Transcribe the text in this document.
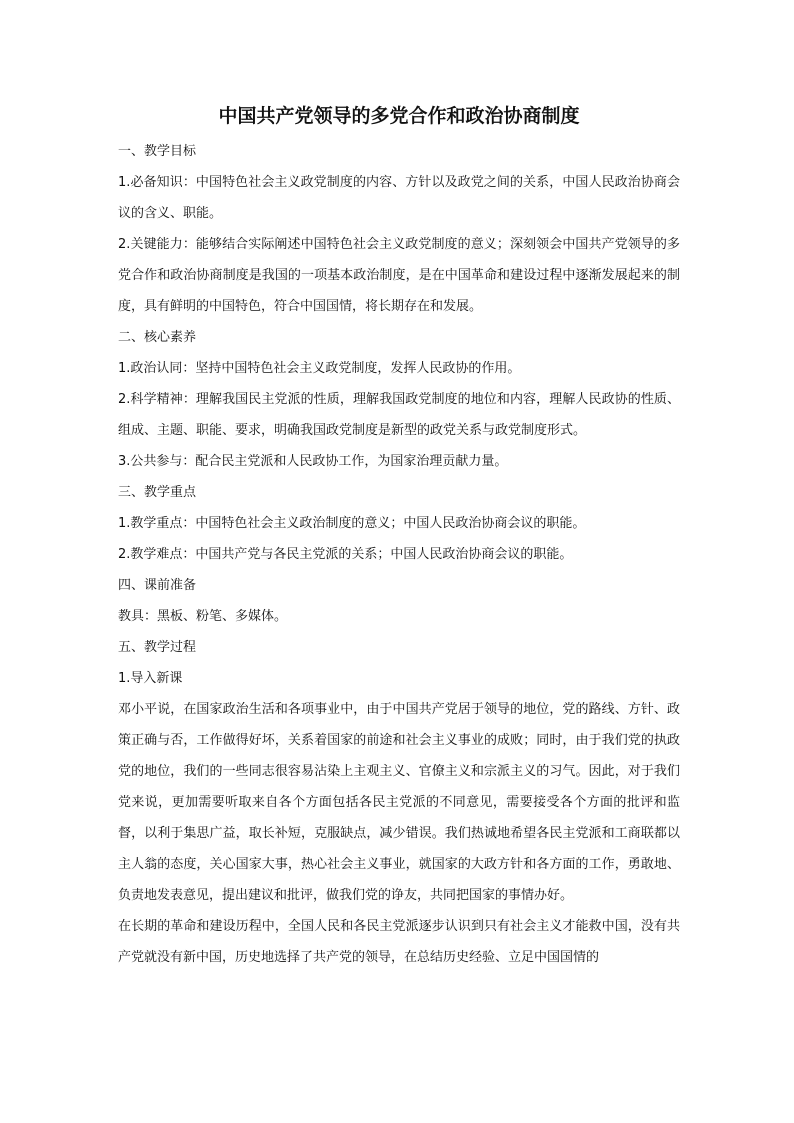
中国共产党领导的多党合作和政治协商制度

一、教学目标

1.必备知识：中国特色社会主义政党制度的内容、方针以及政党之间的关系，中国人民政治协商会议的含义、职能。

2.关键能力：能够结合实际阐述中国特色社会主义政党制度的意义；深刻领会中国共产党领导的多党合作和政治协商制度是我国的一项基本政治制度，是在中国革命和建设过程中逐渐发展起来的制度，具有鲜明的中国特色，符合中国国情，将长期存在和发展。

二、核心素养

1.政治认同：坚持中国特色社会主义政党制度，发挥人民政协的作用。

2.科学精神：理解我国民主党派的性质，理解我国政党制度的地位和内容，理解人民政协的性质、组成、主题、职能、要求，明确我国政党制度是新型的政党关系与政党制度形式。

3.公共参与：配合民主党派和人民政协工作，为国家治理贡献力量。

三、教学重点

1.教学重点：中国特色社会主义政治制度的意义；中国人民政治协商会议的职能。

2.教学难点：中国共产党与各民主党派的关系；中国人民政治协商会议的职能。

四、课前准备

教具：黑板、粉笔、多媒体。

五、教学过程

1.导入新课

邓小平说，在国家政治生活和各项事业中，由于中国共产党居于领导的地位，党的路线、方针、政策正确与否，工作做得好坏，关系着国家的前途和社会主义事业的成败；同时，由于我们党的执政党的地位，我们的一些同志很容易沾染上主观主义、官僚主义和宗派主义的习气。因此，对于我们党来说，更加需要听取来自各个方面包括各民主党派的不同意见，需要接受各个方面的批评和监督，以利于集思广益，取长补短，克服缺点，减少错误。我们热诚地希望各民主党派和工商联都以主人翁的态度，关心国家大事，热心社会主义事业，就国家的大政方针和各方面的工作，勇敢地、负责地发表意见，提出建议和批评，做我们党的诤友，共同把国家的事情办好。

在长期的革命和建设历程中，全国人民和各民主党派逐步认识到只有社会主义才能救中国，没有共产党就没有新中国，历史地选择了共产党的领导，在总结历史经验、立足中国国情的
